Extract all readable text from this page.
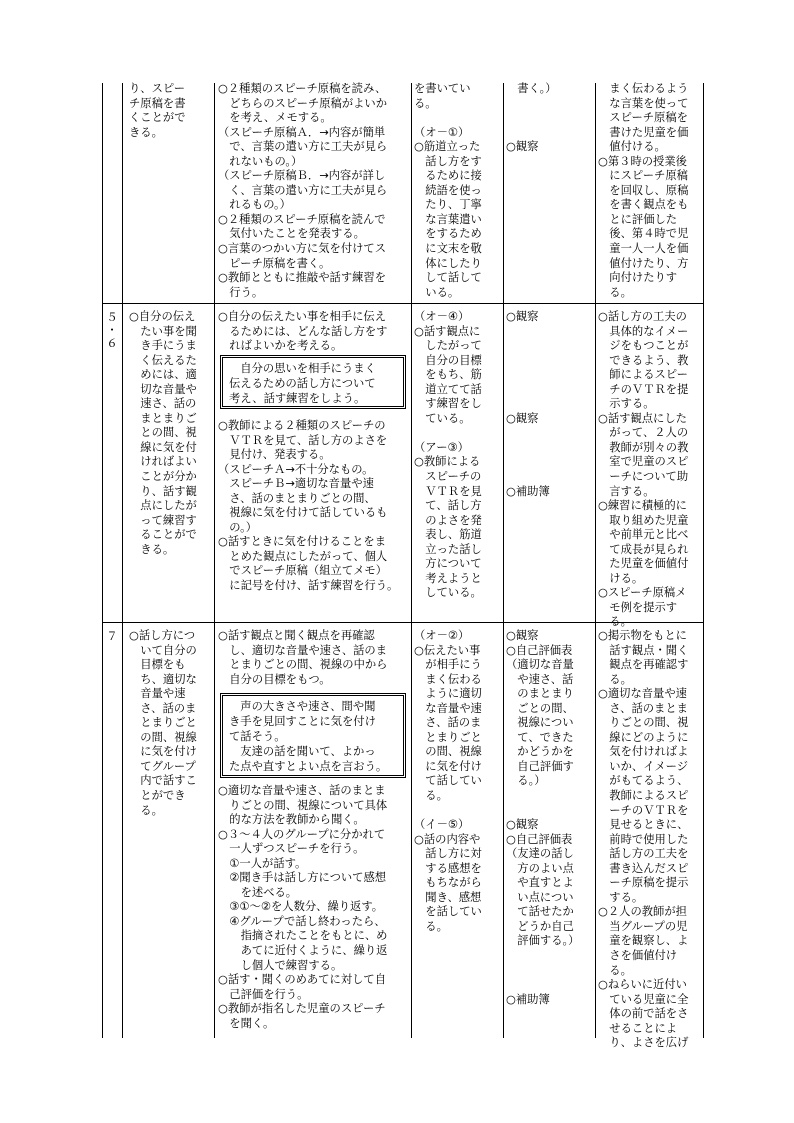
り、スピー
チ原稿を書
くことがで
きる。
○２種類のスピーチ原稿を読み、
　どちらのスピーチ原稿がよいか
　を考え、メモする。
（スピーチ原稿Ａ．→内容が簡単
　で、言葉の遣い方に工夫が見ら
　れないもの。）
（スピーチ原稿Ｂ．→内容が詳し
　く、言葉の遣い方に工夫が見ら
　れるもの。）
○２種類のスピーチ原稿を読んで
　気付いたことを発表する。
○言葉のつかい方に気を付けてス
　ピーチ原稿を書く。
○教師とともに推敲や話す練習を
　行う。
を書いてい
る。

（オ－①）
○筋道立った
　話し方をす
　るために接
　続語を使っ
　たり、丁寧
　な言葉遣い
　をするため
　に文末を敬
　体にしたり
　して話して
　いる。
　書く。）

○観察
　まく伝わるよう
　な言葉を使って
　スピーチ原稿を
　書けた児童を価
　値付ける。
○第３時の授業後
　にスピーチ原稿
　を回収し、原稿
　を書く観点をも
　とに評価した
　後、第４時で児
　童一人一人を価
　値付けたり、方
　向付けたりす
　る。
５
・
６
○自分の伝え
　たい事を聞
　き手にうま
　く伝えるた
　めには、適
　切な音量や
　速さ、話の
　まとまりご
　との間、視
　線に気を付
　ければよい
　ことが分か
　り、話す観
　点にしたが
　って練習す
　ることがで
　きる。
○自分の伝えたい事を相手に伝え
　るためには、どんな話し方をす
　ればよいかを考える。
　自分の思いを相手にうまく
伝えるための話し方について
考え、話す練習をしよう。
○教師による２種類のスピーチの
　ＶＴＲを見て、話し方のよさを
　見付け、発表する。
（スピーチＡ→不十分なもの。
　スピーチＢ→適切な音量や速
　さ、話のまとまりごとの間、
　視線に気を付けて話しているも
　の。）
○話すときに気を付けることをま
　とめた観点にしたがって、個人
　でスピーチ原稿（組立てメモ）
　に記号を付け、話す練習を行う。
（オ－④）
○話す観点に
　したがって
　自分の目標
　をもち、筋
　道立てて話
　す練習をし
　ている。

（アー③）
○教師による
　スピーチの
　ＶＴＲを見
　て、話し方
　のよさを発
　表し、筋道
　立った話し
　方について
　考えようと
　している。
○観察

○観察

○補助簿
○話し方の工夫の
　具体的なイメー
　ジをもつことが
　できるよう、教
　師によるスピー
　チのＶＴＲを提
　示する。
○話す観点にした
　がって、２人の
　教師が別々の教
　室で児童のスピ
　ーチについて助
　言する。
○練習に積極的に
　取り組めた児童
　や前単元と比べ
　て成長が見られ
　た児童を価値付
　ける。
○スピーチ原稿メ
　モ例を提示す
　る。
７	○話し方につ
　いて自分の
　目標をも
　ち、適切な
　音量や速
　さ、話のま
　とまりごと
　の間、視線
　に気を付け
　てグループ
　内で話すこ
　とができ
　る。
○話す観点と聞く観点を再確認
　し、適切な音量や速さ、話のま
　とまりごとの間、視線の中から
　自分の目標をもつ。
　声の大きさや速さ、間や聞
き手を見回すことに気を付け
て話そう。
　友達の話を聞いて、よかっ
た点や直すとよい点を言おう。
○適切な音量や速さ、話のまとま
　りごとの間、視線について具体
　的な方法を教師から聞く。
○３～４人のグループに分かれて
　一人ずつスピーチを行う。
　①一人が話す。
　②聞き手は話し方について感想
　　を述べる。
　③①～②を人数分、繰り返す。
　④グループで話し終わったら、
　　指摘されたことをもとに、め
　　あてに近付くように、繰り返
　　し個人で練習する。
○話す・聞くのめあてに対して自
　己評価を行う。
○教師が指名した児童のスピーチ
　を聞く。
（オ－②）
○伝えたい事
　が相手にう
　まく伝わる
　ように適切
　な音量や速
　さ、話のま
　とまりごと
　の間、視線
　に気を付け
　て話してい
　る。

（イ－⑤）
○話の内容や
　話し方に対
　する感想を
　もちながら
　聞き、感想
　を話してい
　る。
○観察
○自己評価表
（適切な音量
　や速さ、話
　のまとまり
　ごとの間、
　視線につい
　て、できた
　かどうかを
　自己評価す
　る。）

○観察
○自己評価表
（友達の話し
　方のよい点
　や直すとよ
　い点につい
　て話せたか
　どうか自己
　評価する。）

○補助簿
○掲示物をもとに
　話す観点・聞く
　観点を再確認す
　る。
○適切な音量や速
　さ、話のまとま
　りごとの間、視
　線にどのように
　気を付ければよ
　いか、イメージ
　がもてるよう、
　教師によるスピ
　ーチのＶＴＲを
　見せるときに、
　前時で使用した
　話し方の工夫を
　書き込んだスピ
　ーチ原稿を提示
　する。
○２人の教師が担
　当グループの児
　童を観察し、よ
　さを価値付け
　る。
○ねらいに近付い
　ている児童に全
　体の前で話をさ
　せることによ
　り、よさを広げ
